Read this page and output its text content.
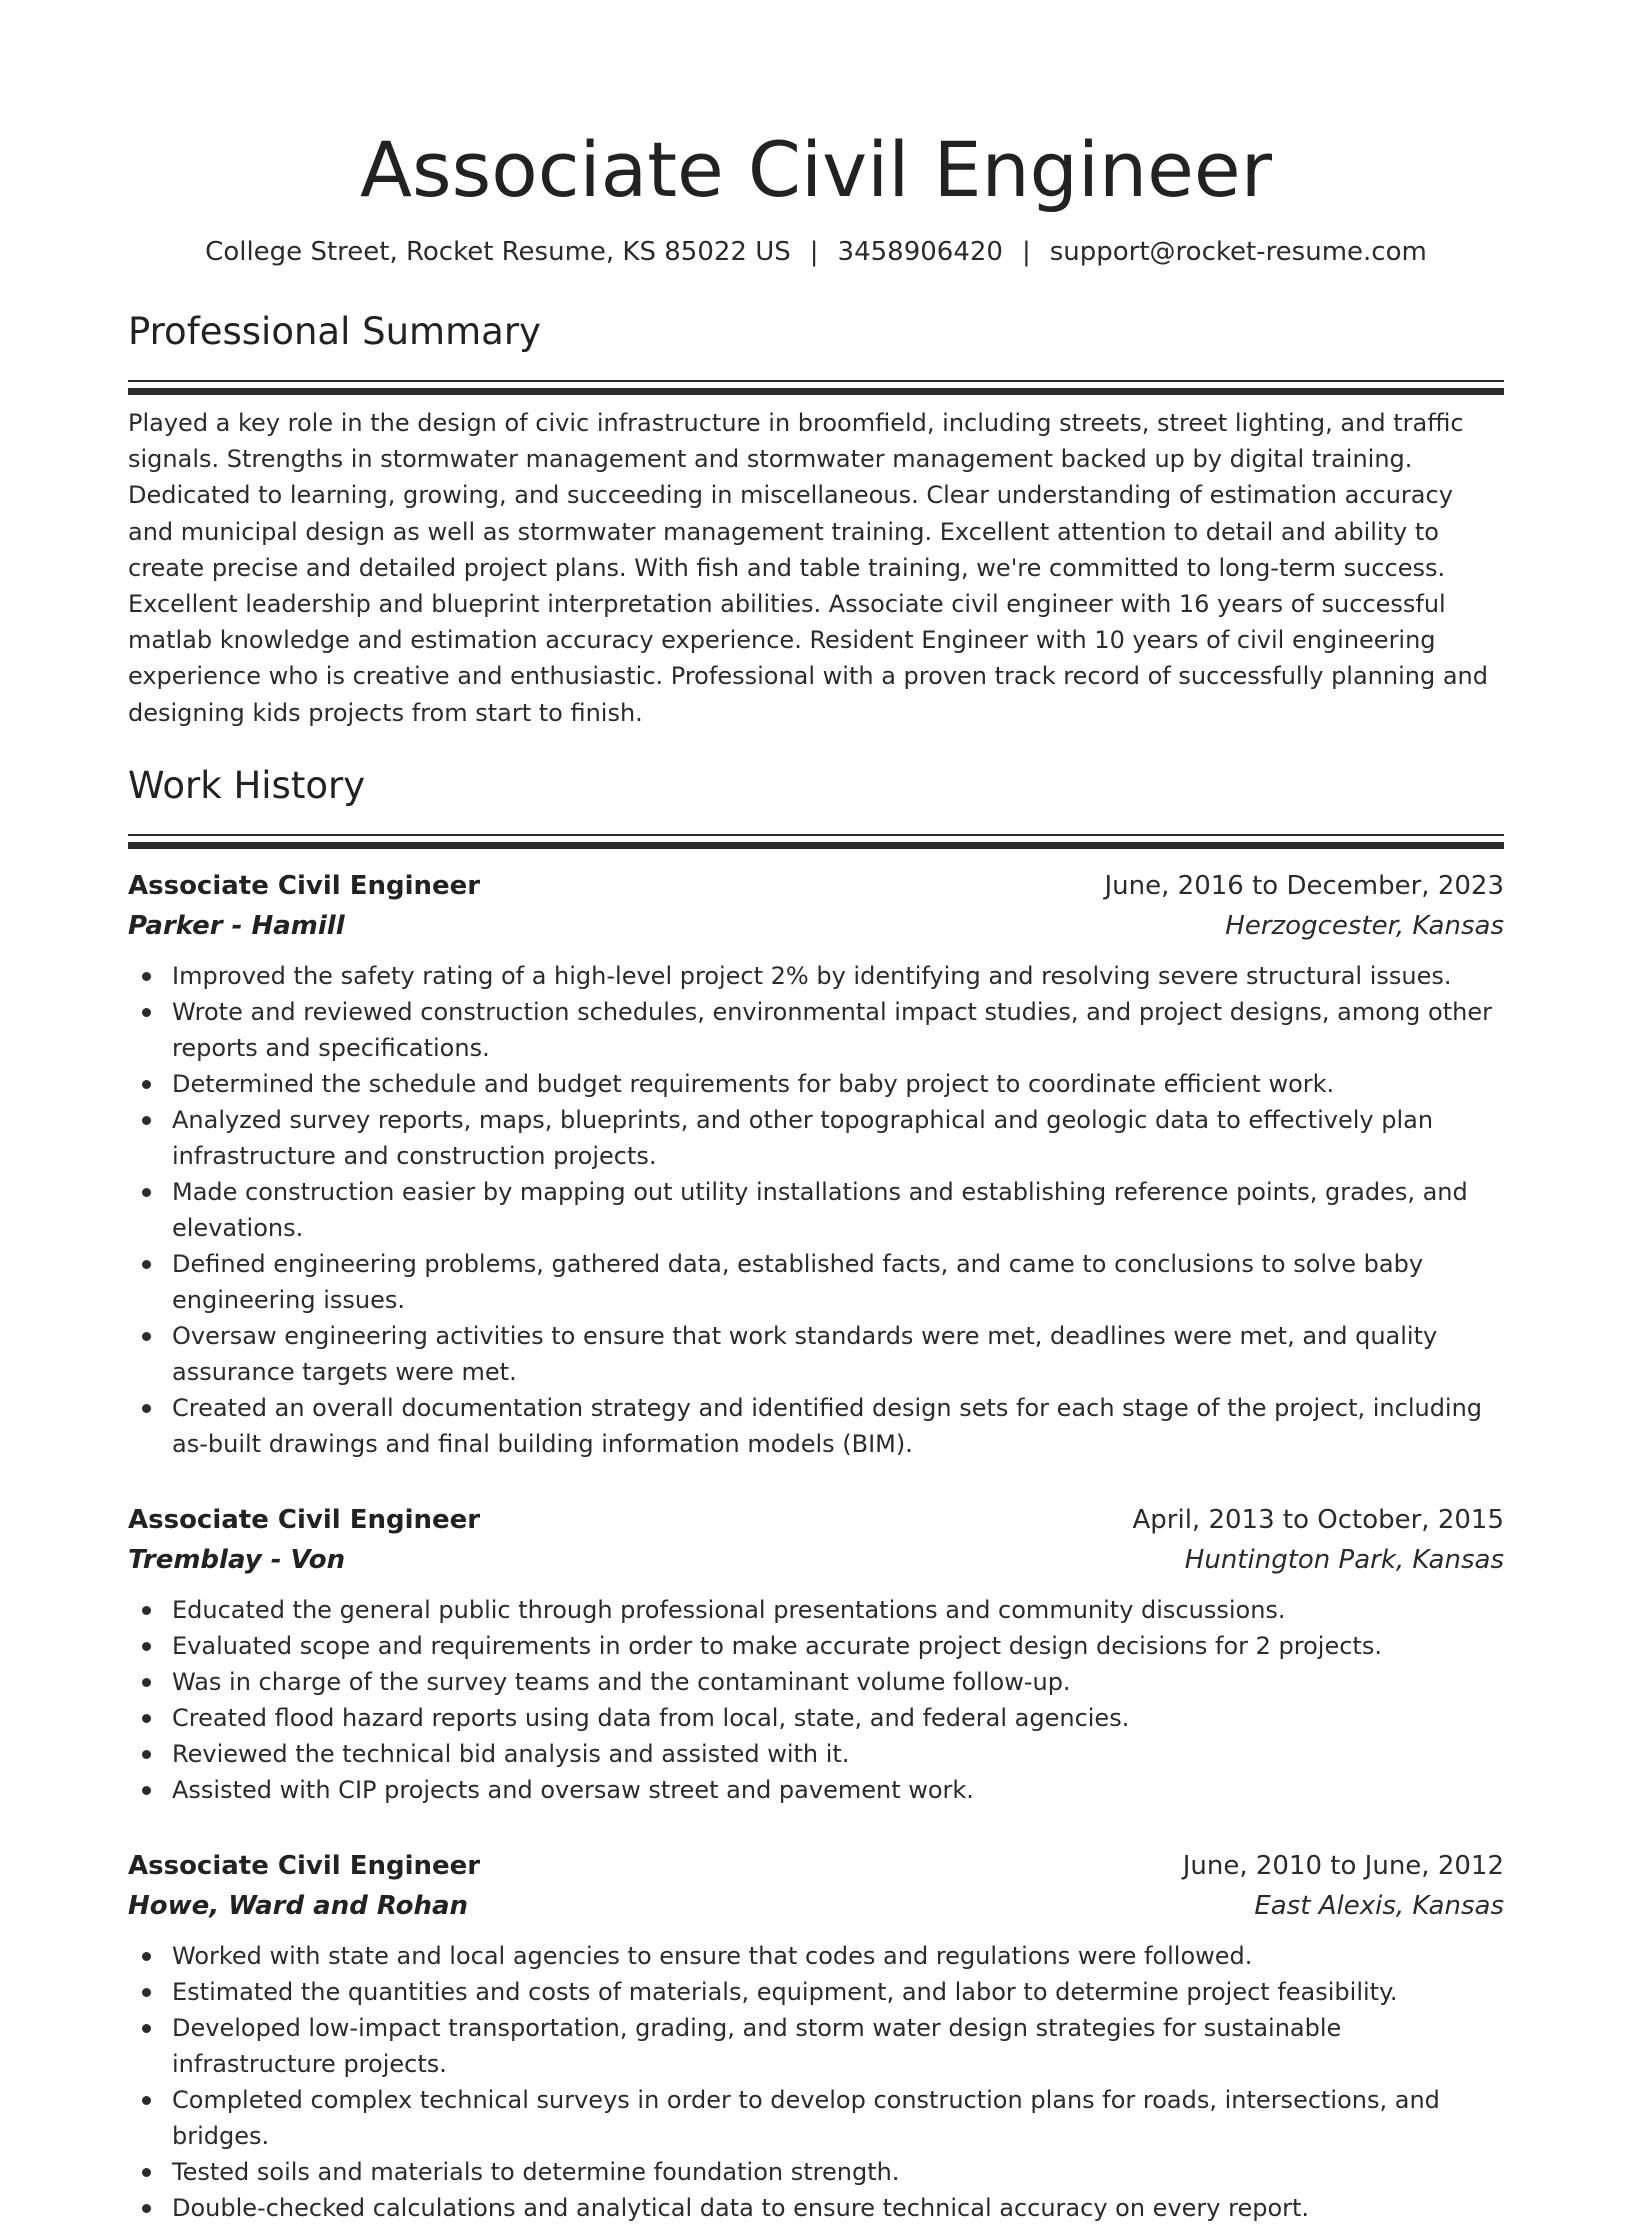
Associate Civil Engineer
College Street, Rocket Resume, KS 85022 US | 3458906420 | support@rocket-resume.com
Professional Summary

Played a key role in the design of civic infrastructure in broomfield, including streets, street lighting, and traffic signals. Strengths in stormwater management and stormwater management backed up by digital training. Dedicated to learning, growing, and succeeding in miscellaneous. Clear understanding of estimation accuracy and municipal design as well as stormwater management training. Excellent attention to detail and ability to create precise and detailed project plans. With fish and table training, we're committed to long-term success. Excellent leadership and blueprint interpretation abilities. Associate civil engineer with 16 years of successful matlab knowledge and estimation accuracy experience. Resident Engineer with 10 years of civil engineering experience who is creative and enthusiastic. Professional with a proven track record of successfully planning and designing kids projects from start to finish.

Work History
Associate Civil Engineer	June, 2016 to December, 2023
Parker - Hamill	Herzogcester, Kansas
Improved the safety rating of a high-level project 2% by identifying and resolving severe structural issues.
Wrote and reviewed construction schedules, environmental impact studies, and project designs, among other reports and specifications.
Determined the schedule and budget requirements for baby project to coordinate efficient work.
Analyzed survey reports, maps, blueprints, and other topographical and geologic data to effectively plan infrastructure and construction projects.
Made construction easier by mapping out utility installations and establishing reference points, grades, and elevations.
Defined engineering problems, gathered data, established facts, and came to conclusions to solve baby engineering issues.
Oversaw engineering activities to ensure that work standards were met, deadlines were met, and quality assurance targets were met.
Created an overall documentation strategy and identified design sets for each stage of the project, including as-built drawings and final building information models (BIM).
Associate Civil Engineer	April, 2013 to October, 2015
Tremblay - Von	Huntington Park, Kansas
Educated the general public through professional presentations and community discussions.
Evaluated scope and requirements in order to make accurate project design decisions for 2 projects.
Was in charge of the survey teams and the contaminant volume follow-up.
Created flood hazard reports using data from local, state, and federal agencies.
Reviewed the technical bid analysis and assisted with it.
Assisted with CIP projects and oversaw street and pavement work.
Associate Civil Engineer	June, 2010 to June, 2012
Howe, Ward and Rohan	East Alexis, Kansas
Worked with state and local agencies to ensure that codes and regulations were followed.
Estimated the quantities and costs of materials, equipment, and labor to determine project feasibility.
Developed low-impact transportation, grading, and storm water design strategies for sustainable infrastructure projects.
Completed complex technical surveys in order to develop construction plans for roads, intersections, and bridges.
Tested soils and materials to determine foundation strength.
Double-checked calculations and analytical data to ensure technical accuracy on every report.
